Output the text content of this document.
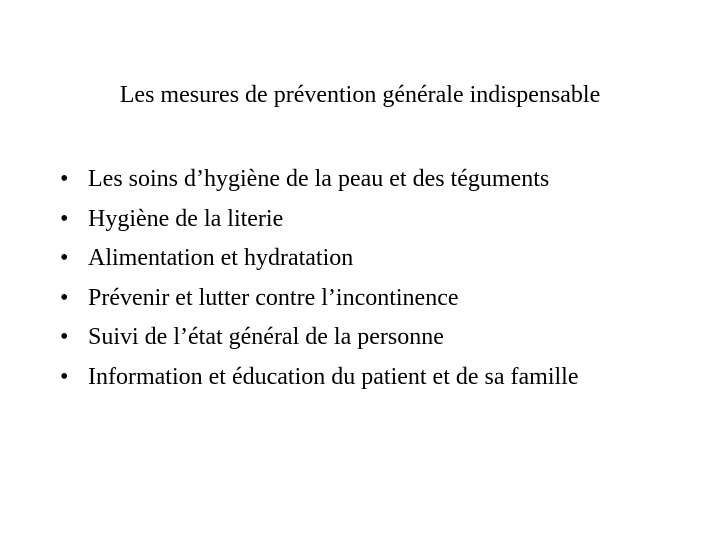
Les mesures de prévention générale indispensable
• Les soins d’hygiène de la peau et des téguments
• Hygiène de la literie
• Alimentation et hydratation
• Prévenir et lutter contre l’incontinence
• Suivi de l’état général de la personne
• Information et éducation du patient et de sa famille
